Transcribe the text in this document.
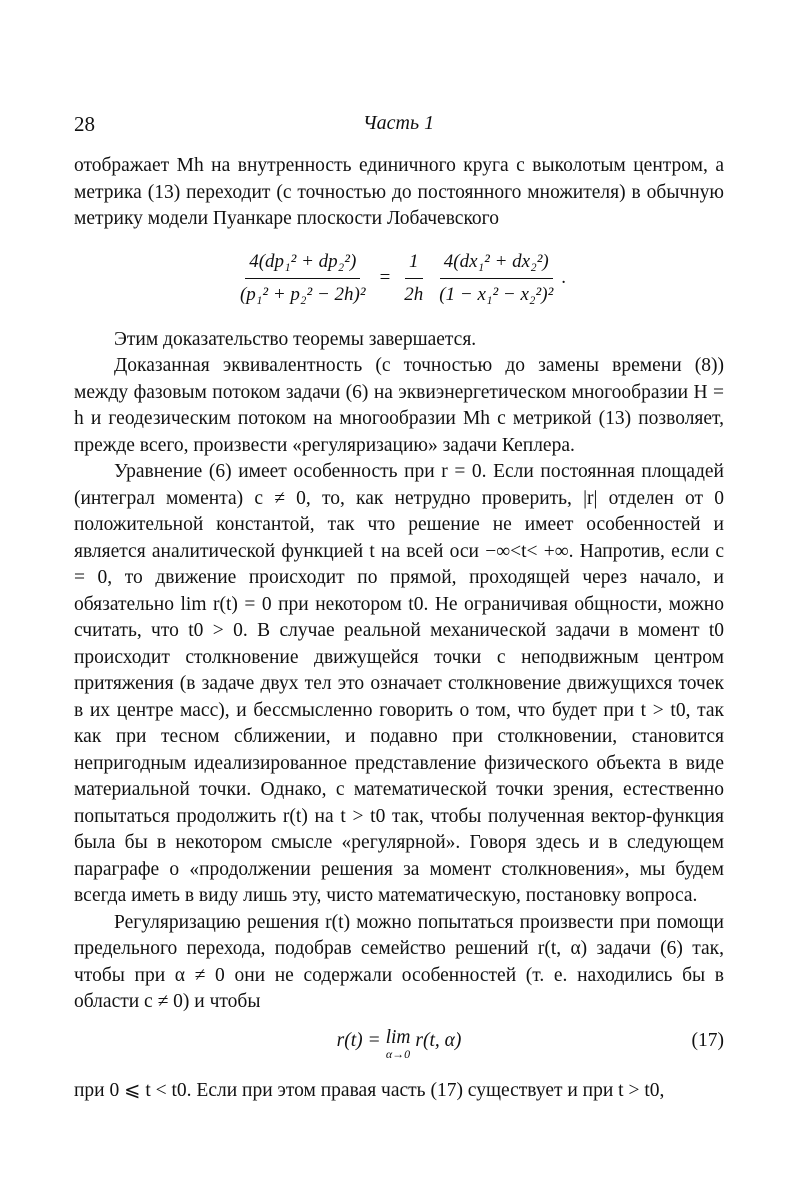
28	Часть 1

отображает Mh на внутренность единичного круга с выколотым центром, а метрика (13) переходит (с точностью до постоянного множителя) в обычную метрику модели Пуанкаре плоскости Лобачевского

$\frac{\text{4(dp₁² + dp₂²)}}{\text{(p₁² + p₂² − 2h)²}} = \frac{1}{2h} \frac{\text{4(dx₁² + dx₂²)}}{\text{(1 − x₁² − x₂²)²}}$ .

Этим доказательство теоремы завершается.

Доказанная эквивалентность (с точностью до замены времени (8)) между фазовым потоком задачи (6) на эквиэнергетическом многообразии H = h и геодезическим потоком на многообразии Mh с метрикой (13) позволяет, прежде всего, произвести «регуляризацию» задачи Кеплера.

Уравнение (6) имеет особенность при r = 0. Если постоянная площадей (интеграл момента) c ≠ 0, то, как нетрудно проверить, |r| отделен от 0 положительной константой, так что решение не имеет особенностей и является аналитической функцией t на всей оси −∞<t< +∞. Напротив, если c = 0, то движение происходит по прямой, проходящей через начало, и обязательно lim r(t) = 0 при некотором t0. Не ограничивая общности, можно считать, что t0 > 0. В случае реальной механической задачи в момент t0 происходит столкновение движущейся точки с неподвижным центром притяжения (в задаче двух тел это означает столкновение движущихся точек в их центре масс), и бессмысленно говорить о том, что будет при t > t0, так как при тесном сближении, и подавно при столкновении, становится непригодным идеализированное представление физического объекта в виде материальной точки. Однако, с математической точки зрения, естественно попытаться продолжить r(t) на t > t0 так, чтобы полученная вектор-функция была бы в некотором смысле «регулярной». Говоря здесь и в следующем параграфе о «продолжении решения за момент столкновения», мы будем всегда иметь в виду лишь эту, чисто математическую, постановку вопроса.

Регуляризацию решения r(t) можно попытаться произвести при помощи предельного перехода, подобрав семейство решений r(t, α) задачи (6) так, чтобы при α ≠ 0 они не содержали особенностей (т. е. находились бы в области c ≠ 0) и чтобы

r(t) = lim
α→0
r(t, α)	(17)

при 0 ⩽ t < t0. Если при этом правая часть (17) существует и при t > t0,
